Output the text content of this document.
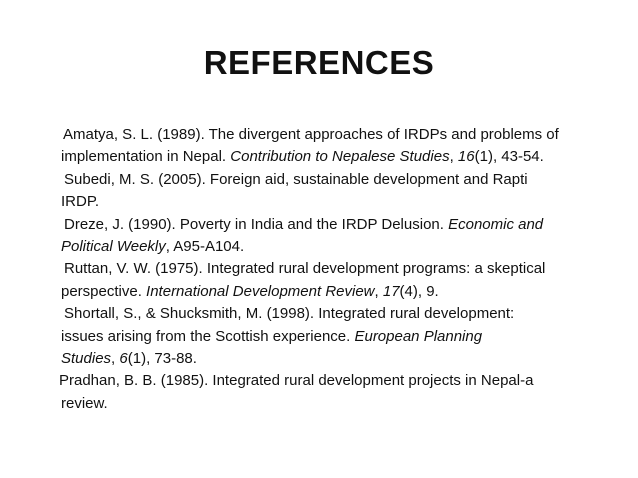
REFERENCES
Amatya, S. L. (1989). The divergent approaches of IRDPs and problems of
implementation in Nepal. Contribution to Nepalese Studies, 16(1), 43-54.
Subedi, M. S. (2005). Foreign aid, sustainable development and Rapti
IRDP.
Dreze, J. (1990). Poverty in India and the IRDP Delusion. Economic and
Political Weekly, A95-A104.
Ruttan, V. W. (1975). Integrated rural development programs: a skeptical
perspective. International Development Review, 17(4), 9.
Shortall, S., & Shucksmith, M. (1998). Integrated rural development:
issues arising from the Scottish experience. European Planning
Studies, 6(1), 73-88.
Pradhan, B. B. (1985). Integrated rural development projects in Nepal-a
review.
